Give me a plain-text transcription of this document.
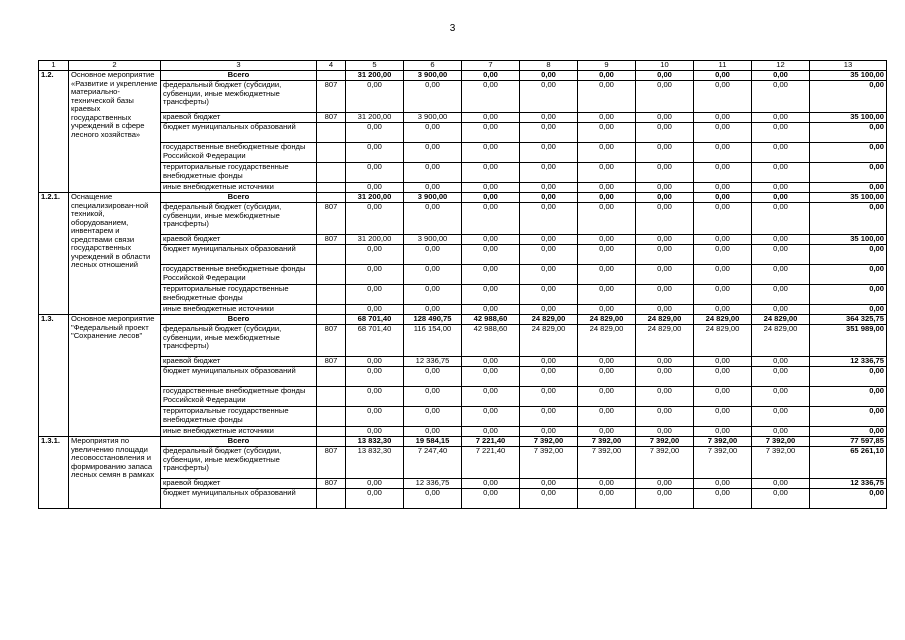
3
1	2	3	4	5	6	7	8	9	10	11	12	13
1.2.	Основное мероприятие «Развитие и укрепление материально-технической базы краевых государственных учреждений в сфере лесного хозяйства»	Всего		31 200,00	3 900,00	0,00	0,00	0,00	0,00	0,00	0,00	35 100,00
		федеральный бюджет (субсидии, субвенции, иные межбюджетные трансферты)	807	0,00	0,00	0,00	0,00	0,00	0,00	0,00	0,00	0,00
		краевой бюджет	807	31 200,00	3 900,00	0,00	0,00	0,00	0,00	0,00	0,00	35 100,00
		бюджет муниципальных образований		0,00	0,00	0,00	0,00	0,00	0,00	0,00	0,00	0,00
		государственные внебюджетные фонды Российской Федерации		0,00	0,00	0,00	0,00	0,00	0,00	0,00	0,00	0,00
		территориальные государственные внебюджетные фонды		0,00	0,00	0,00	0,00	0,00	0,00	0,00	0,00	0,00
		иные внебюджетные источники		0,00	0,00	0,00	0,00	0,00	0,00	0,00	0,00	0,00
1.2.1.	Оснащение специализирован-ной техникой, оборудованием, инвентарем и средствами связи государственных учреждений в области лесных отношений	Всего		31 200,00	3 900,00	0,00	0,00	0,00	0,00	0,00	0,00	35 100,00
		федеральный бюджет (субсидии, субвенции, иные межбюджетные трансферты)	807	0,00	0,00	0,00	0,00	0,00	0,00	0,00	0,00	0,00
		краевой бюджет	807	31 200,00	3 900,00	0,00	0,00	0,00	0,00	0,00	0,00	35 100,00
		бюджет муниципальных образований		0,00	0,00	0,00	0,00	0,00	0,00	0,00	0,00	0,00
		государственные внебюджетные фонды Российской Федерации		0,00	0,00	0,00	0,00	0,00	0,00	0,00	0,00	0,00
		территориальные государственные внебюджетные фонды		0,00	0,00	0,00	0,00	0,00	0,00	0,00	0,00	0,00
		иные внебюджетные источники		0,00	0,00	0,00	0,00	0,00	0,00	0,00	0,00	0,00
1.3.	Основное мероприятие "Федеральный проект "Сохранение лесов"	Всего		68 701,40	128 490,75	42 988,60	24 829,00	24 829,00	24 829,00	24 829,00	24 829,00	364 325,75
		федеральный бюджет (субсидии, субвенции, иные межбюджетные трансферты)	807	68 701,40	116 154,00	42 988,60	24 829,00	24 829,00	24 829,00	24 829,00	24 829,00	351 989,00
		краевой бюджет	807	0,00	12 336,75	0,00	0,00	0,00	0,00	0,00	0,00	12 336,75
		бюджет муниципальных образований		0,00	0,00	0,00	0,00	0,00	0,00	0,00	0,00	0,00
		государственные внебюджетные фонды Российской Федерации		0,00	0,00	0,00	0,00	0,00	0,00	0,00	0,00	0,00
		территориальные государственные внебюджетные фонды		0,00	0,00	0,00	0,00	0,00	0,00	0,00	0,00	0,00
		иные внебюджетные источники		0,00	0,00	0,00	0,00	0,00	0,00	0,00	0,00	0,00
1.3.1.	Мероприятия по увеличению площади лесовосстановления и формированию запаса лесных семян в рамках	Всего		13 832,30	19 584,15	7 221,40	7 392,00	7 392,00	7 392,00	7 392,00	7 392,00	77 597,85
		федеральный бюджет (субсидии, субвенции, иные межбюджетные трансферты)	807	13 832,30	7 247,40	7 221,40	7 392,00	7 392,00	7 392,00	7 392,00	7 392,00	65 261,10
		краевой бюджет	807	0,00	12 336,75	0,00	0,00	0,00	0,00	0,00	0,00	12 336,75
		бюджет муниципальных образований		0,00	0,00	0,00	0,00	0,00	0,00	0,00	0,00	0,00
